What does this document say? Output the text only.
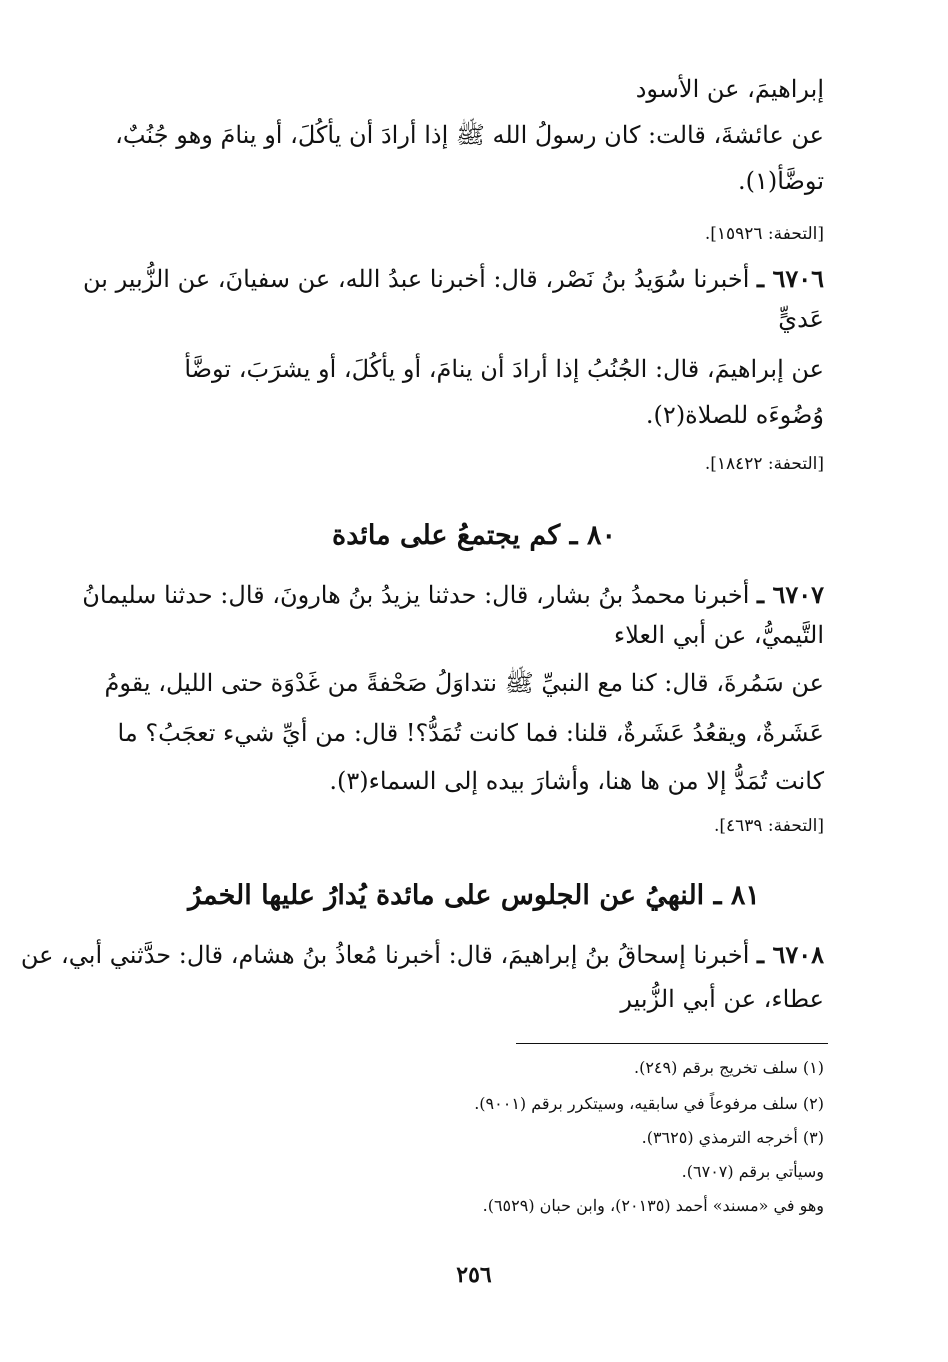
إبراهيمَ، عن الأسود
عن عائشةَ، قالت: كان رسولُ الله ﷺ إذا أرادَ أن يأكُلَ، أو ينامَ وهو جُنُبٌ،
توضَّأ(١).
[التحفة: ١٥٩٢٦].
٦٧٠٦ ـ أخبرنا سُوَيدُ بنُ نَصْر، قال: أخبرنا عبدُ الله، عن سفيانَ، عن الزُّبير بن
عَديٍّ
عن إبراهيمَ، قال: الجُنُبُ إذا أرادَ أن ينامَ، أو يأكُلَ، أو يشرَبَ، توضَّأ
وُضُوءَه للصلاة(٢).
[التحفة: ١٨٤٢٢].
٨٠ ـ كم يجتمعُ على مائدة
٦٧٠٧ ـ أخبرنا محمدُ بنُ بشار، قال: حدثنا يزيدُ بنُ هارونَ، قال: حدثنا سليمانُ
التَّيميُّ، عن أبي العلاء
عن سَمُرةَ، قال: كنا مع النبيِّ ﷺ نتداوَلُ صَحْفةً من غَدْوَة حتى الليل، يقومُ
عَشَرةٌ، ويقعُدُ عَشَرةٌ، قلنا: فما كانت تُمَدُّ؟! قال: من أيِّ شيء تعجَبُ؟ ما
كانت تُمَدُّ إلا من ها هنا، وأشارَ بيده إلى السماء(٣).
[التحفة: ٤٦٣٩].
٨١ ـ النهيُ عن الجلوس على مائدة يُدارُ عليها الخمرُ
٦٧٠٨ ـ أخبرنا إسحاقُ بنُ إبراهيمَ، قال: أخبرنا مُعاذُ بنُ هشام، قال: حدَّثني أبي، عن
عطاء، عن أبي الزُّبير
(١) سلف تخريج برقم (٢٤٩).
(٢) سلف مرفوعاً في سابقيه، وسيتكرر برقم (٩٠٠١).
(٣) أخرجه الترمذي (٣٦٢٥).
وسيأتي برقم (٦٧٠٧).
وهو في «مسند» أحمد (٢٠١٣٥)، وابن حبان (٦٥٢٩).
٢٥٦
